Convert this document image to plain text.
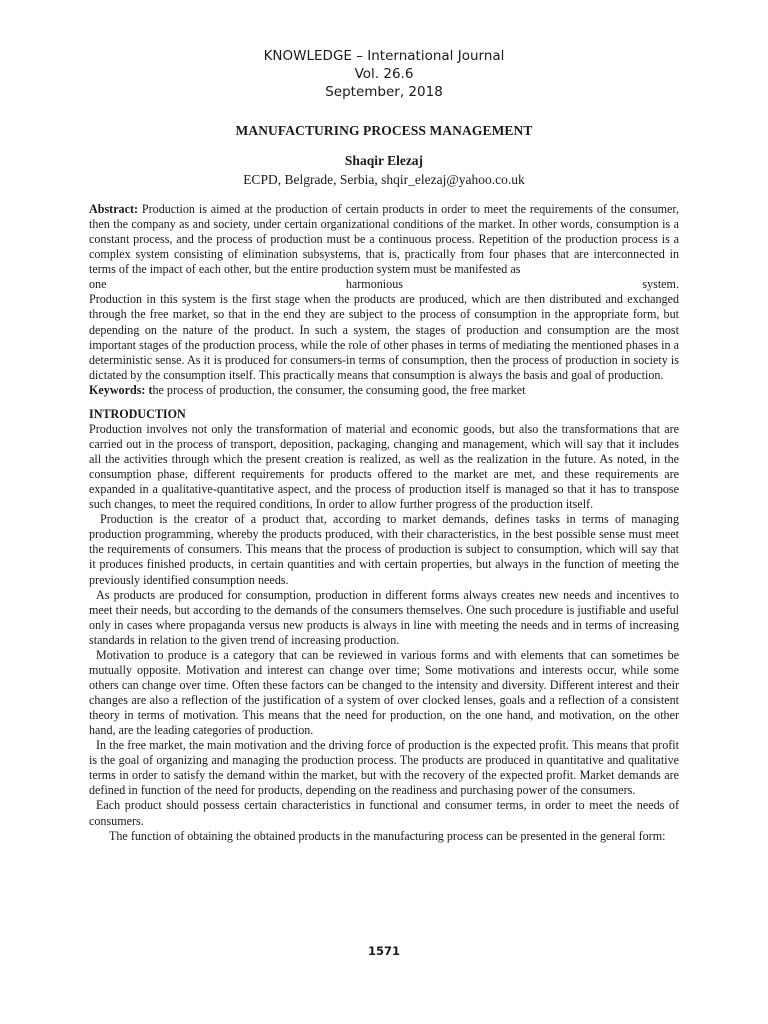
KNOWLEDGE – International Journal
Vol. 26.6
September, 2018
MANUFACTURING PROCESS MANAGEMENT
Shaqir Elezaj
ECPD, Belgrade, Serbia, shqir_elezaj@yahoo.co.uk

Abstract: Production is aimed at the production of certain products in order to meet the requirements of the consumer, then the company as and society, under certain organizational conditions of the market. In other words, consumption is a constant process, and the process of production must be a continuous process. Repetition of the production process is a complex system consisting of elimination subsystems, that is, practically from four phases that are interconnected in terms of the impact of each other, but the entire production system must be manifested as

one	harmonious	system.

Production in this system is the first stage when the products are produced, which are then distributed and exchanged through the free market, so that in the end they are subject to the process of consumption in the appropriate form, but depending on the nature of the product. In such a system, the stages of production and consumption are the most important stages of the production process, while the role of other phases in terms of mediating the mentioned phases in a deterministic sense. As it is produced for consumers-in terms of consumption, then the process of production in society is dictated by the consumption itself. This practically means that consumption is always the basis and goal of production.

Keywords: the process of production, the consumer, the consuming good, the free market

INTRODUCTION

Production involves not only the transformation of material and economic goods, but also the transformations that are carried out in the process of transport, deposition, packaging, changing and management, which will say that it includes all the activities through which the present creation is realized, as well as the realization in the future. As noted, in the consumption phase, different requirements for products offered to the market are met, and these requirements are expanded in a qualitative-quantitative aspect, and the process of production itself is managed so that it has to transpose such changes, to meet the required conditions, In order to allow further progress of the production itself.

Production is the creator of a product that, according to market demands, defines tasks in terms of managing production programming, whereby the products produced, with their characteristics, in the best possible sense must meet the requirements of consumers. This means that the process of production is subject to consumption, which will say that it produces finished products, in certain quantities and with certain properties, but always in the function of meeting the previously identified consumption needs.

As products are produced for consumption, production in different forms always creates new needs and incentives to meet their needs, but according to the demands of the consumers themselves. One such procedure is justifiable and useful only in cases where propaganda versus new products is always in line with meeting the needs and in terms of increasing standards in relation to the given trend of increasing production.

Motivation to produce is a category that can be reviewed in various forms and with elements that can sometimes be mutually opposite. Motivation and interest can change over time; Some motivations and interests occur, while some others can change over time. Often these factors can be changed to the intensity and diversity. Different interest and their changes are also a reflection of the justification of a system of over clocked lenses, goals and a reflection of a consistent theory in terms of motivation. This means that the need for production, on the one hand, and motivation, on the other hand, are the leading categories of production.

In the free market, the main motivation and the driving force of production is the expected profit. This means that profit is the goal of organizing and managing the production process. The products are produced in quantitative and qualitative terms in order to satisfy the demand within the market, but with the recovery of the expected profit. Market demands are defined in function of the need for products, depending on the readiness and purchasing power of the consumers.

Each product should possess certain characteristics in functional and consumer terms, in order to meet the needs of consumers.

The function of obtaining the obtained products in the manufacturing process can be presented in the general form:

1571
